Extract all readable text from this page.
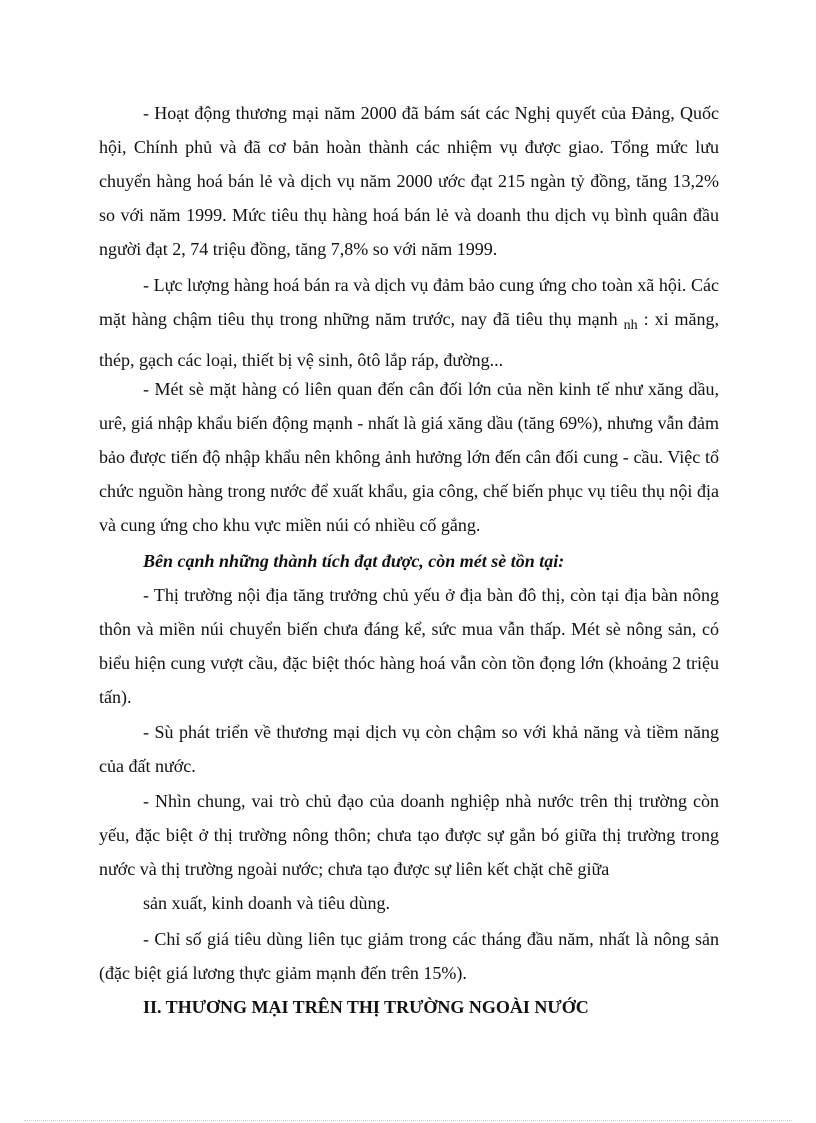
- Hoạt động thương mại năm 2000 đã bám sát các Nghị quyết của Đảng, Quốc hội, Chính phủ và đã cơ bản hoàn thành các nhiệm vụ được giao. Tổng mức lưu chuyển hàng hoá bán lẻ và dịch vụ năm 2000 ước đạt 215 ngàn tỷ đồng, tăng 13,2% so với năm 1999. Mức tiêu thụ hàng hoá bán lẻ và doanh thu dịch vụ bình quân đầu người đạt 2, 74 triệu đồng, tăng 7,8% so với năm 1999.

- Lực lượng hàng hoá bán ra và dịch vụ đảm bảo cung ứng cho toàn xã hội. Các mặt hàng chậm tiêu thụ trong những năm trước, nay đã tiêu thụ mạnh $_{nh}$ : xi măng, thép, gạch các loại, thiết bị vệ sinh, ôtô lắp ráp, đường...

- Mét sè mặt hàng có liên quan đến cân đối lớn của nền kinh tế như xăng dầu, urê, giá nhập khẩu biến động mạnh - nhất là giá xăng dầu (tăng 69%), nhưng vẫn đảm bảo được tiến độ nhập khẩu nên không ảnh hưởng lớn đến cân đối cung - cầu. Việc tổ chức nguồn hàng trong nước để xuất khẩu, gia công, chế biến phục vụ tiêu thụ nội địa và cung ứng cho khu vực miền núi có nhiều cố gắng.

Bên cạnh những thành tích đạt được, còn mét sè tồn tại:

- Thị trường nội địa tăng trưởng chủ yếu ở địa bàn đô thị, còn tại địa bàn nông thôn và miền núi chuyển biến chưa đáng kể, sức mua vẫn thấp. Mét sè nông sản, có biểu hiện cung vượt cầu, đặc biệt thóc hàng hoá vẫn còn tồn đọng lớn (khoảng 2 triệu tấn).

- Sù phát triển về thương mại dịch vụ còn chậm so với khả năng và tiềm năng của đất nước.

- Nhìn chung, vai trò chủ đạo của doanh nghiệp nhà nước trên thị trường còn yếu, đặc biệt ở thị trường nông thôn; chưa tạo được sự gắn bó giữa thị trường trong nước và thị trường ngoài nước; chưa tạo được sự liên kết chặt chẽ giữa

sản xuất, kinh doanh và tiêu dùng.

- Chỉ số giá tiêu dùng liên tục giảm trong các tháng đầu năm, nhất là nông sản (đặc biệt giá lương thực giảm mạnh đến trên 15%).

II. THƯƠNG MẠI TRÊN THỊ TRƯỜNG NGOÀI NƯỚC
